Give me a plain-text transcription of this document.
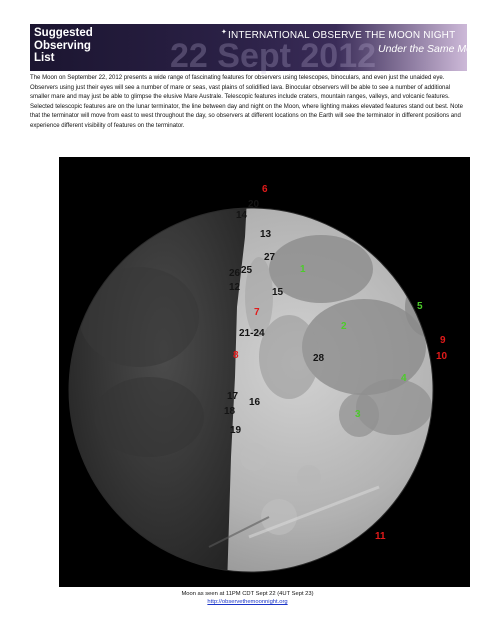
Suggested
Observing
List	22 Sept 2012
✦ INTERNATIONAL OBSERVE THE MOON NIGHT
Under the Same Moon

The Moon on September 22, 2012 presents a wide range of fascinating features for observers using telescopes, binoculars, and even just the unaided eye. Observers using just their eyes will see a number of mare or seas, vast plains of solidified lava. Binocular observers will be able to see a number of additional smaller mare and may just be able to glimpse the elusive Mare Australe. Telescopic features include craters, mountain ranges, valleys, and volcanic features. Selected telescopic features are on the lunar terminator, the line between day and night on the Moon, where lighting makes elevated features stand out best. Note that the terminator will move from east to west throughout the day, so observers at different locations on the Earth will see the terminator in different positions and experience different visibility of features on the terminator.

6
20
14
13
27
1
26 25
12	15
7
5
2
9
21-24
10
8	28
4
17
16
18	3
19
11
Moon as seen at 11PM CDT Sept 22 (4UT Sept 23)
http://observethemoonnight.org
